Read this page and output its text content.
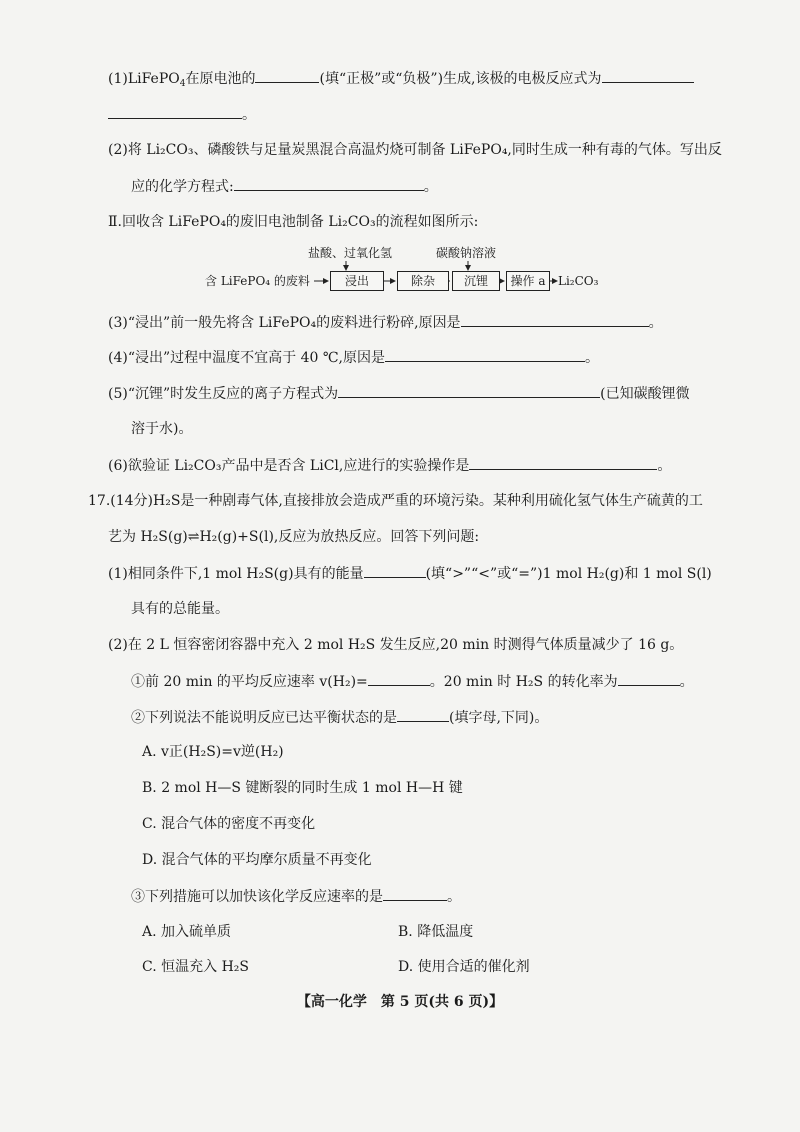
(1)LiFePO$_4$在原电池的	(填“正极”或“负极”)生成,该极的电极反应式为
。
(2)将 Li₂CO₃、磷酸铁与足量炭黑混合高温灼烧可制备 LiFePO₄,同时生成一种有毒的气体。写出反
应的化学方程式:	。
Ⅱ.回收含 LiFePO₄的废旧电池制备 Li₂CO₃的流程如图所示:
盐酸、过氧化氢	碳酸钠溶液
含 LiFePO₄ 的废料	浸出	除杂	沉锂	操作 a	Li₂CO₃
(3)“浸出”前一般先将含 LiFePO₄的废料进行粉碎,原因是	。
(4)“浸出”过程中温度不宜高于 40 ℃,原因是	。
(5)“沉锂”时发生反应的离子方程式为	(已知碳酸锂微
溶于水)。
(6)欲验证 Li₂CO₃产品中是否含 LiCl,应进行的实验操作是	。
17.(14分)H₂S是一种剧毒气体,直接排放会造成严重的环境污染。某种利用硫化氢气体生产硫黄的工
艺为 H₂S(g)⇌H₂(g)+S(l),反应为放热反应。回答下列问题:
(1)相同条件下,1 mol H₂S(g)具有的能量	(填“>”“<”或“=”)1 mol H₂(g)和 1 mol S(l)
具有的总能量。
(2)在 2 L 恒容密闭容器中充入 2 mol H₂S 发生反应,20 min 时测得气体质量减少了 16 g。
①前 20 min 的平均反应速率 v(H₂)=	。20 min 时 H₂S 的转化率为	。
②下列说法不能说明反应已达平衡状态的是	(填字母,下同)。
A. v正(H₂S)=v逆(H₂)
B. 2 mol H—S 键断裂的同时生成 1 mol H—H 键
C. 混合气体的密度不再变化
D. 混合气体的平均摩尔质量不再变化
③下列措施可以加快该化学反应速率的是	。
A. 加入硫单质	B. 降低温度
C. 恒温充入 H₂S	D. 使用合适的催化剂
【高一化学　第 5 页(共 6 页)】
